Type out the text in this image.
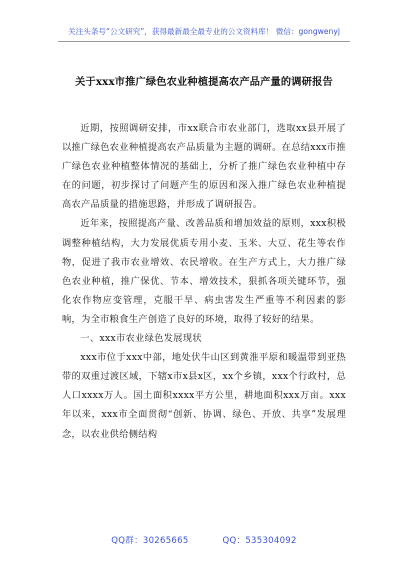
关注头条号“公文研究”，获得最新最全最专业的公文资料库！ 微信：gongwenyj
关于xxx市推广绿色农业种植提高农产品产量的调研报告

近期，按照调研安排，市xx联合市农业部门，选取xx县开展了以推广绿色农业种植提高农产品质量为主题的调研。在总结xxx市推广绿色农业种植整体情况的基础上，分析了推广绿色农业种植中存在的问题，初步探讨了问题产生的原因和深入推广绿色农业种植提高农产品质量的措施思路，并形成了调研报告。

近年来，按照提高产量、改善品质和增加效益的原则，xxx积极调整种植结构，大力发展优质专用小麦、玉米、大豆、花生等农作物，促进了我市农业增效、农民增收。在生产方式上，大力推广绿色农业种植，推广保优、节本、增效技术，狠抓各项关键环节，强化农作物应变管理，克服干旱、病虫害发生严重等不利因素的影响，为全市粮食生产创造了良好的环境，取得了较好的结果。

一、xxx市农业绿色发展现状

xxx市位于xxx中部，地处伏牛山区到黄淮平原和暖温带到亚热带的双重过渡区域，下辖x市x县x区，xx个乡镇，xxx个行政村，总人口xxxx万人。国土面积xxxx平方公里，耕地面积xxx万亩。xxx年以来，xxx市全面贯彻“创新、协调、绿色、开放、共享”发展理念，以农业供给侧结构

QQ群：30265665	QQ：535304092
